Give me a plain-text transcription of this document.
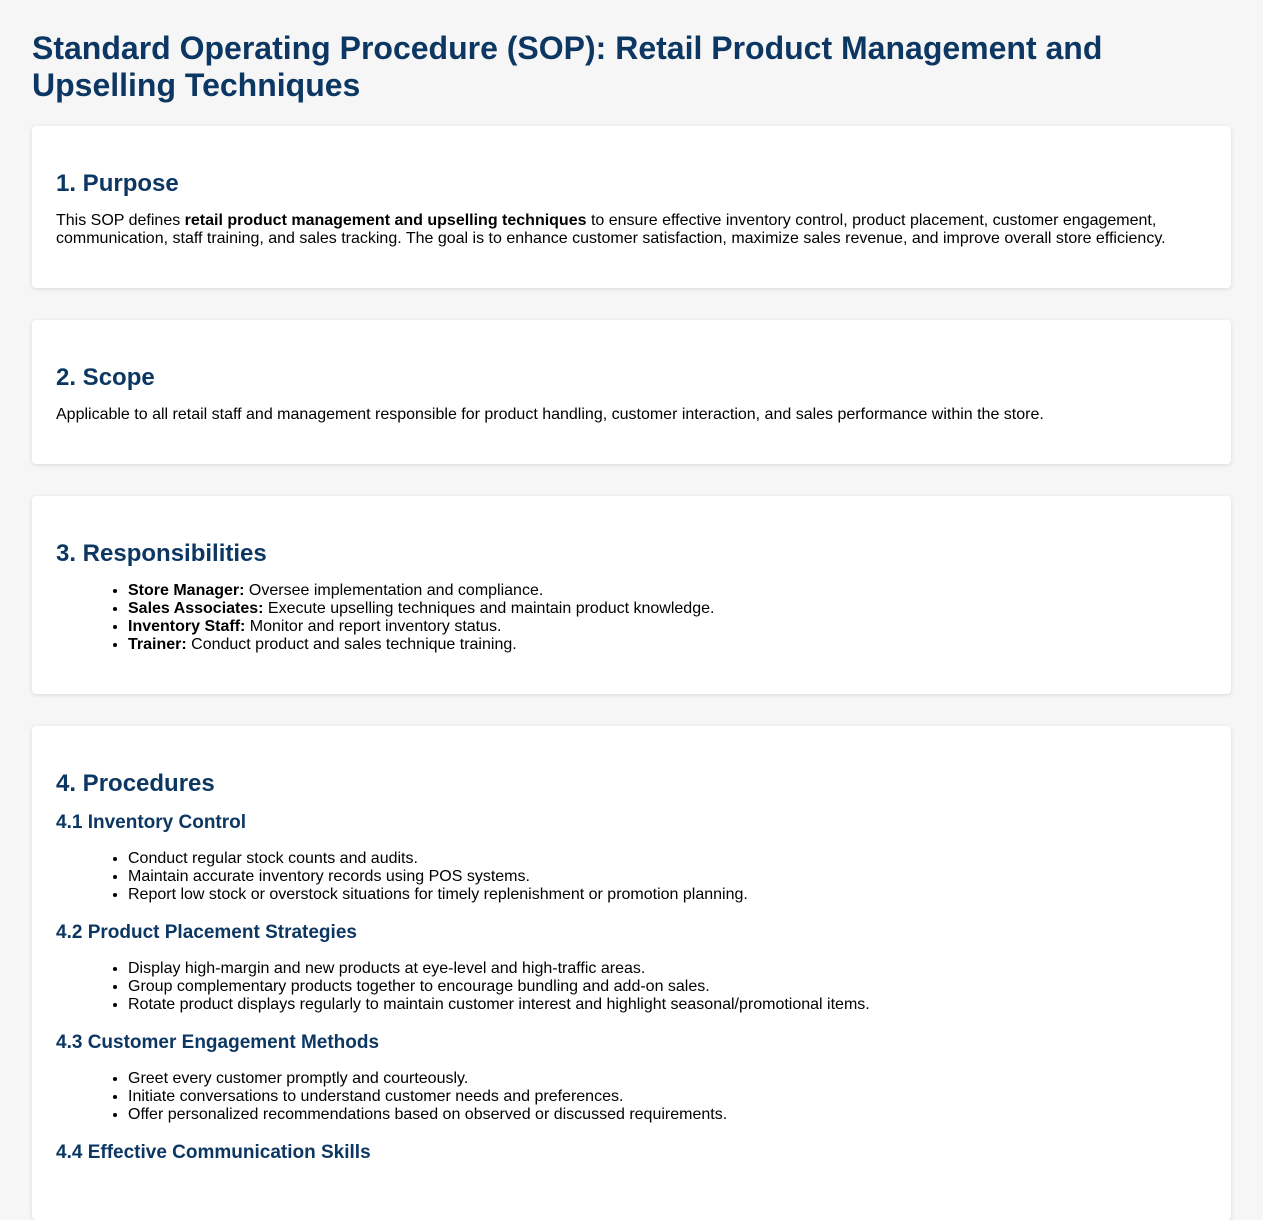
Standard Operating Procedure (SOP): Retail Product Management and Upselling Techniques
1. Purpose

This SOP defines retail product management and upselling techniques to ensure effective inventory control, product placement, customer engagement, communication, staff training, and sales tracking. The goal is to enhance customer satisfaction, maximize sales revenue, and improve overall store efficiency.

2. Scope

Applicable to all retail staff and management responsible for product handling, customer interaction, and sales performance within the store.

3. Responsibilities
• Store Manager: Oversee implementation and compliance.
• Sales Associates: Execute upselling techniques and maintain product knowledge.
• Inventory Staff: Monitor and report inventory status.
• Trainer: Conduct product and sales technique training.
4. Procedures
4.1 Inventory Control
• Conduct regular stock counts and audits.
• Maintain accurate inventory records using POS systems.
• Report low stock or overstock situations for timely replenishment or promotion planning.
4.2 Product Placement Strategies
• Display high-margin and new products at eye-level and high-traffic areas.
• Group complementary products together to encourage bundling and add-on sales.
• Rotate product displays regularly to maintain customer interest and highlight seasonal/promotional items.
4.3 Customer Engagement Methods
• Greet every customer promptly and courteously.
• Initiate conversations to understand customer needs and preferences.
• Offer personalized recommendations based on observed or discussed requirements.
4.4 Effective Communication Skills
